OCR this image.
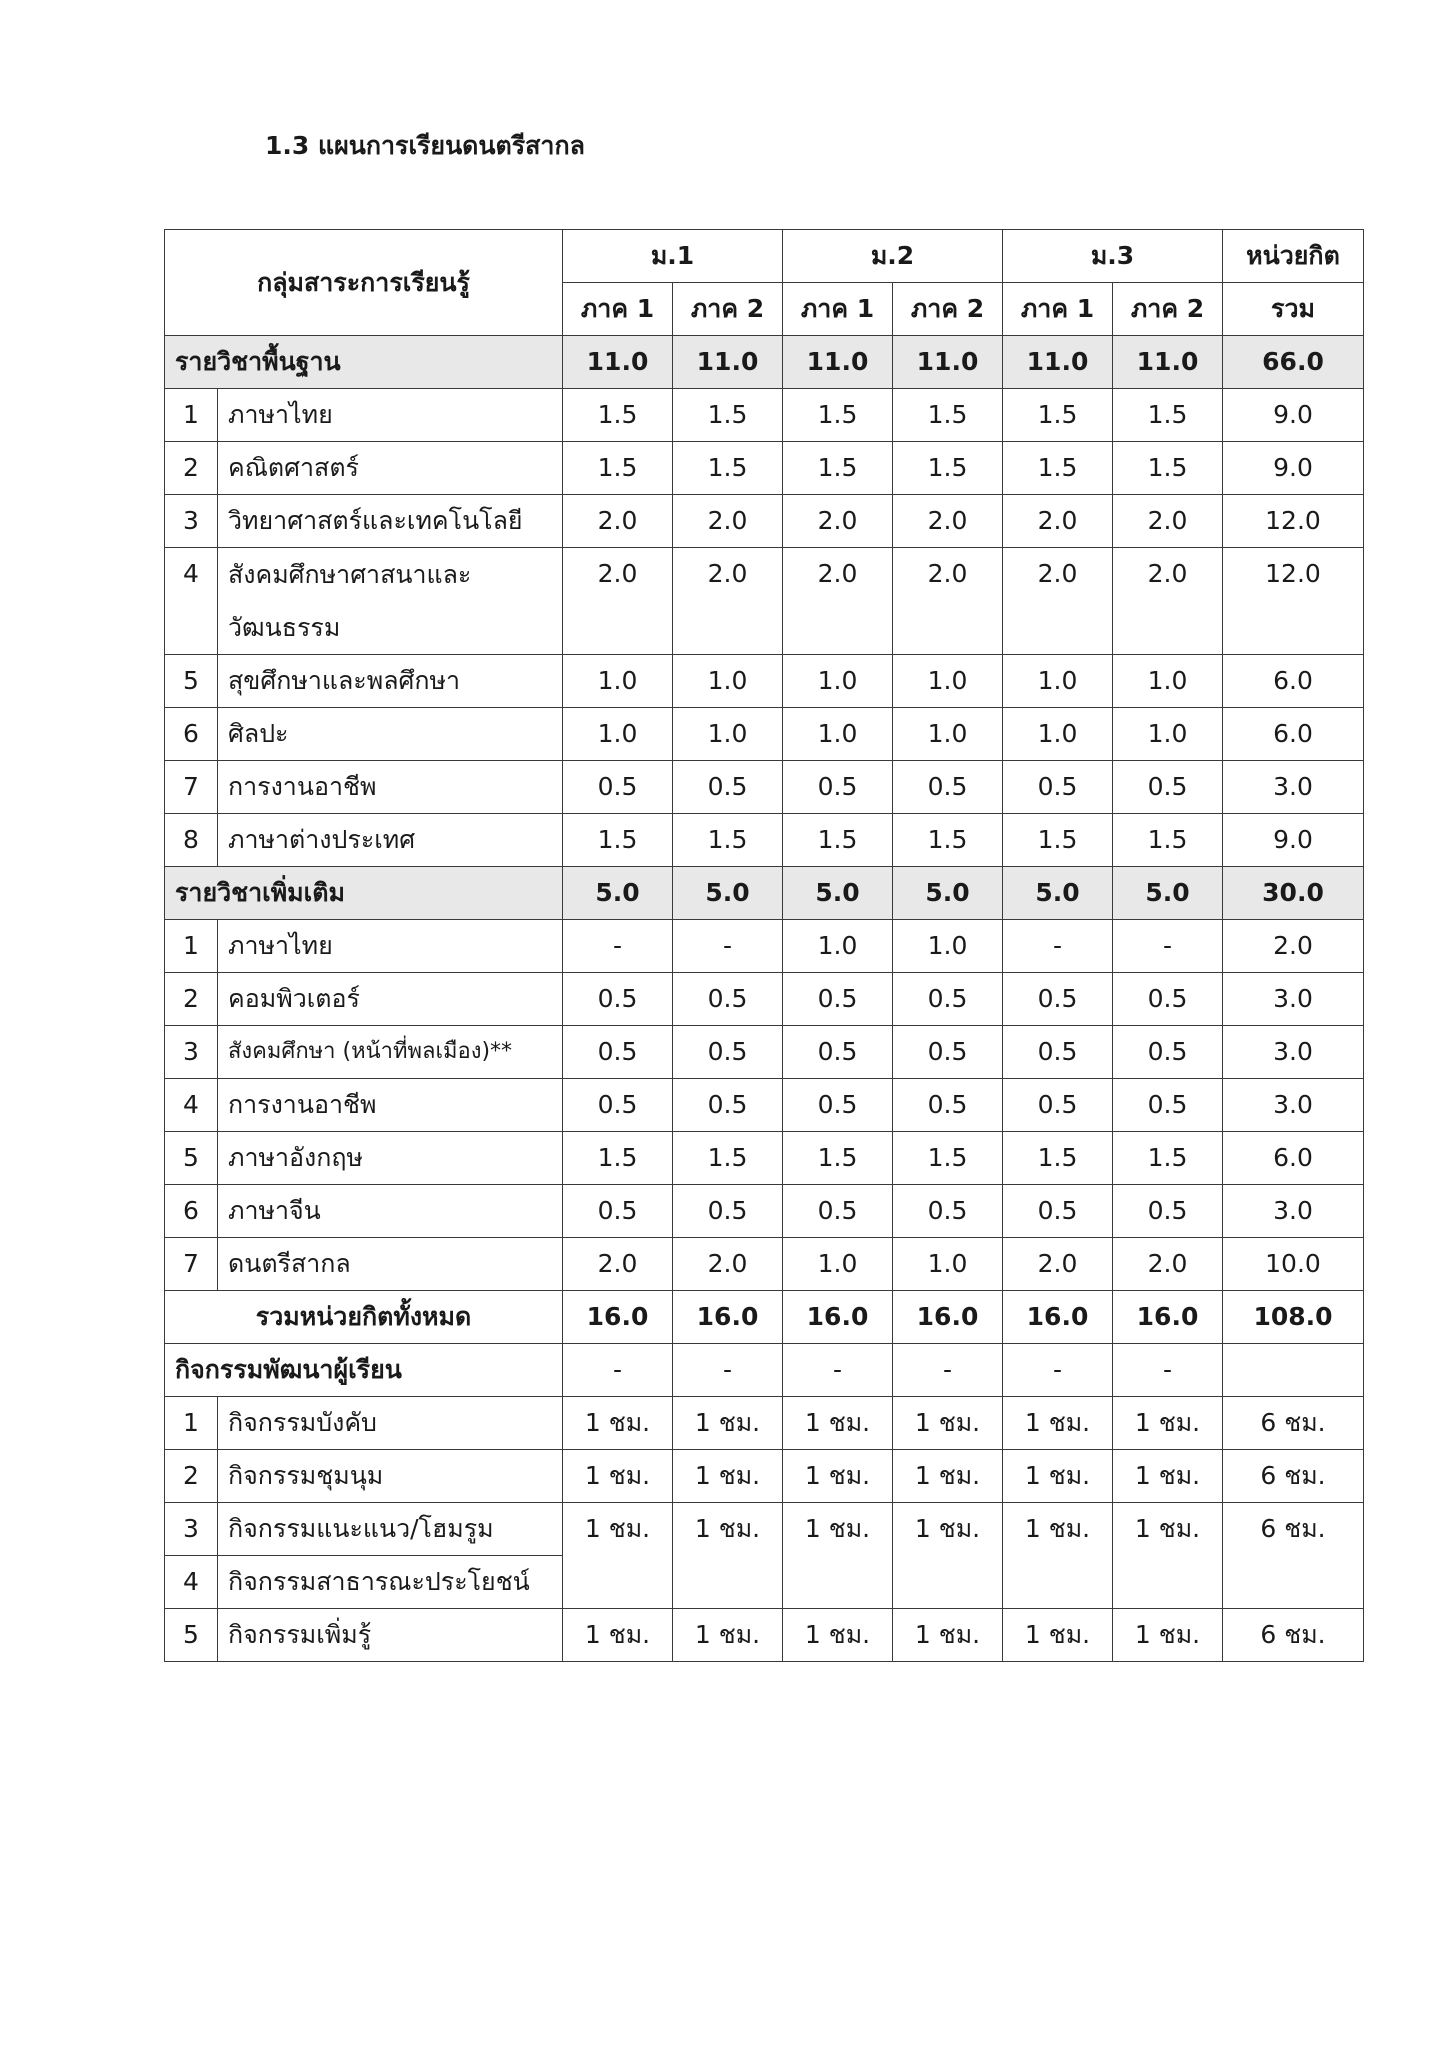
1.3 แผนการเรียนดนตรีสากล
กลุ่มสาระการเรียนรู้		ม.1		ม.2		ม.3		หน่วยกิต
		ภาค 1	ภาค 2	ภาค 1	ภาค 2	ภาค 1	ภาค 2	รวม
รายวิชาพื้นฐาน		11.0	11.0	11.0	11.0	11.0	11.0	66.0
1	ภาษาไทย	1.5	1.5	1.5	1.5	1.5	1.5	9.0
2	คณิตศาสตร์	1.5	1.5	1.5	1.5	1.5	1.5	9.0
3	วิทยาศาสตร์และเทคโนโลยี	2.0	2.0	2.0	2.0	2.0	2.0	12.0
4	สังคมศึกษาศาสนาและวัฒนธรรม	2.0	2.0	2.0	2.0	2.0	2.0	12.0
5	สุขศึกษาและพลศึกษา	1.0	1.0	1.0	1.0	1.0	1.0	6.0
6	ศิลปะ	1.0	1.0	1.0	1.0	1.0	1.0	6.0
7	การงานอาชีพ	0.5	0.5	0.5	0.5	0.5	0.5	3.0
8	ภาษาต่างประเทศ	1.5	1.5	1.5	1.5	1.5	1.5	9.0
รายวิชาเพิ่มเติม		5.0	5.0	5.0	5.0	5.0	5.0	30.0
1	ภาษาไทย	-	-	1.0	1.0	-	-	2.0
2	คอมพิวเตอร์	0.5	0.5	0.5	0.5	0.5	0.5	3.0
3	สังคมศึกษา (หน้าที่พลเมือง)**	0.5	0.5	0.5	0.5	0.5	0.5	3.0
4	การงานอาชีพ	0.5	0.5	0.5	0.5	0.5	0.5	3.0
5	ภาษาอังกฤษ	1.5	1.5	1.5	1.5	1.5	1.5	6.0
6	ภาษาจีน	0.5	0.5	0.5	0.5	0.5	0.5	3.0
7	ดนตรีสากล	2.0	2.0	1.0	1.0	2.0	2.0	10.0
รวมหน่วยกิตทั้งหมด		16.0	16.0	16.0	16.0	16.0	16.0	108.0
กิจกรรมพัฒนาผู้เรียน		-	-	-	-	-	-	
1	กิจกรรมบังคับ	1 ชม.	1 ชม.	1 ชม.	1 ชม.	1 ชม.	1 ชม.	6 ชม.
2	กิจกรรมชุมนุม	1 ชม.	1 ชม.	1 ชม.	1 ชม.	1 ชม.	1 ชม.	6 ชม.
3	กิจกรรมแนะแนว/โฮมรูม	1 ชม.	1 ชม.	1 ชม.	1 ชม.	1 ชม.	1 ชม.	6 ชม.
4	กิจกรรมสาธารณะประโยชน์							
5	กิจกรรมเพิ่มรู้	1 ชม.	1 ชม.	1 ชม.	1 ชม.	1 ชม.	1 ชม.	6 ชม.
